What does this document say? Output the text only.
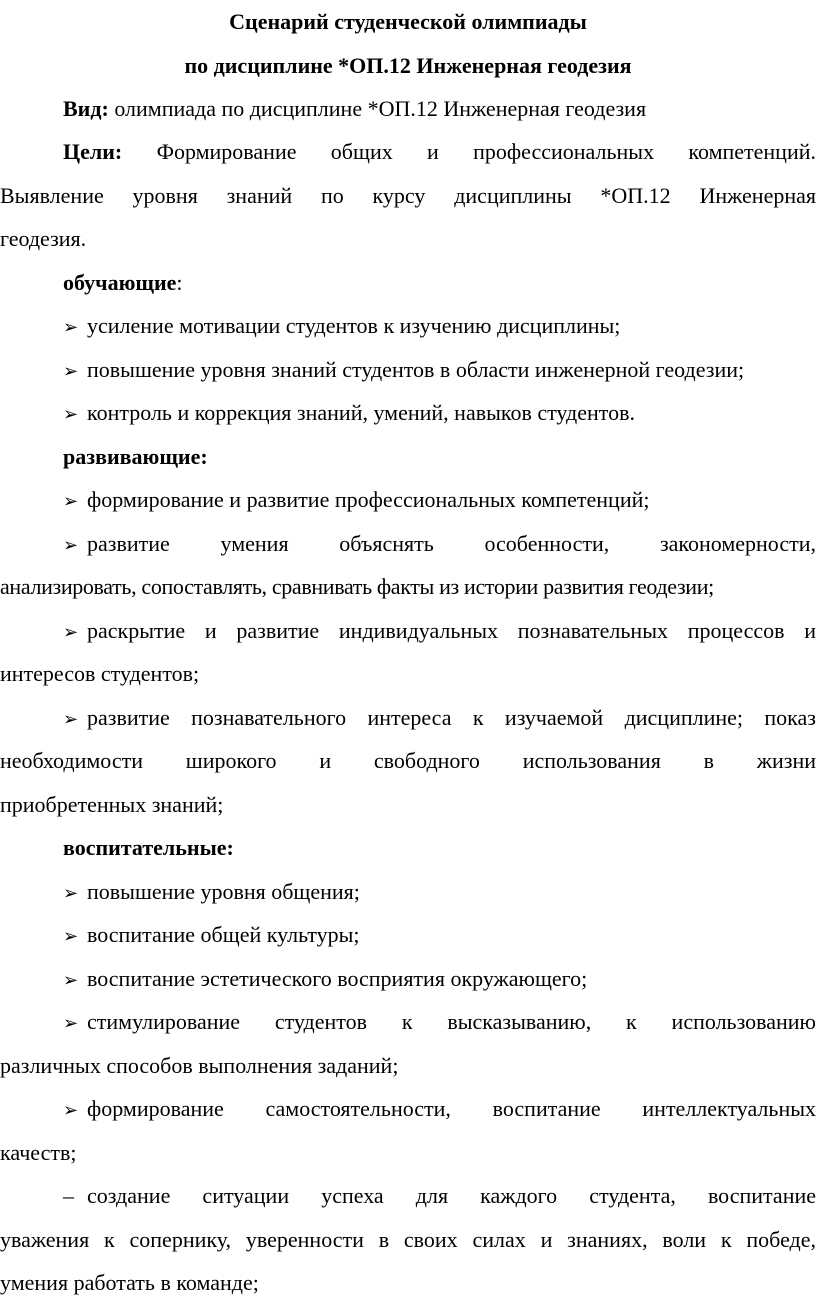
Сценарий студенческой олимпиады
по дисциплине *ОП.12 Инженерная геодезия
Вид: олимпиада по дисциплине *ОП.12 Инженерная геодезия
Цели: Формирование общих и профессиональных компетенций.
Выявление уровня знаний по курсу дисциплины *ОП.12 Инженерная
геодезия.
обучающие:
➢ усиление мотивации студентов к изучению дисциплины;
➢ повышение уровня знаний студентов в области инженерной геодезии;
➢ контроль и коррекция знаний, умений, навыков студентов.
развивающие:
➢ формирование и развитие профессиональных компетенций;
➢ развитие умения объяснять особенности, закономерности,
анализировать, сопоставлять, сравнивать факты из истории развития геодезии;
➢ раскрытие и развитие индивидуальных познавательных процессов и
интересов студентов;
➢ развитие познавательного интереса к изучаемой дисциплине; показ
необходимости широкого и свободного использования в жизни
приобретенных знаний;
воспитательные:
➢ повышение уровня общения;
➢ воспитание общей культуры;
➢ воспитание эстетического восприятия окружающего;
➢ стимулирование студентов к высказыванию, к использованию
различных способов выполнения заданий;
➢ формирование самостоятельности, воспитание интеллектуальных
качеств;
– создание ситуации успеха для каждого студента, воспитание
уважения к сопернику, уверенности в своих силах и знаниях, воли к победе,
умения работать в команде;
